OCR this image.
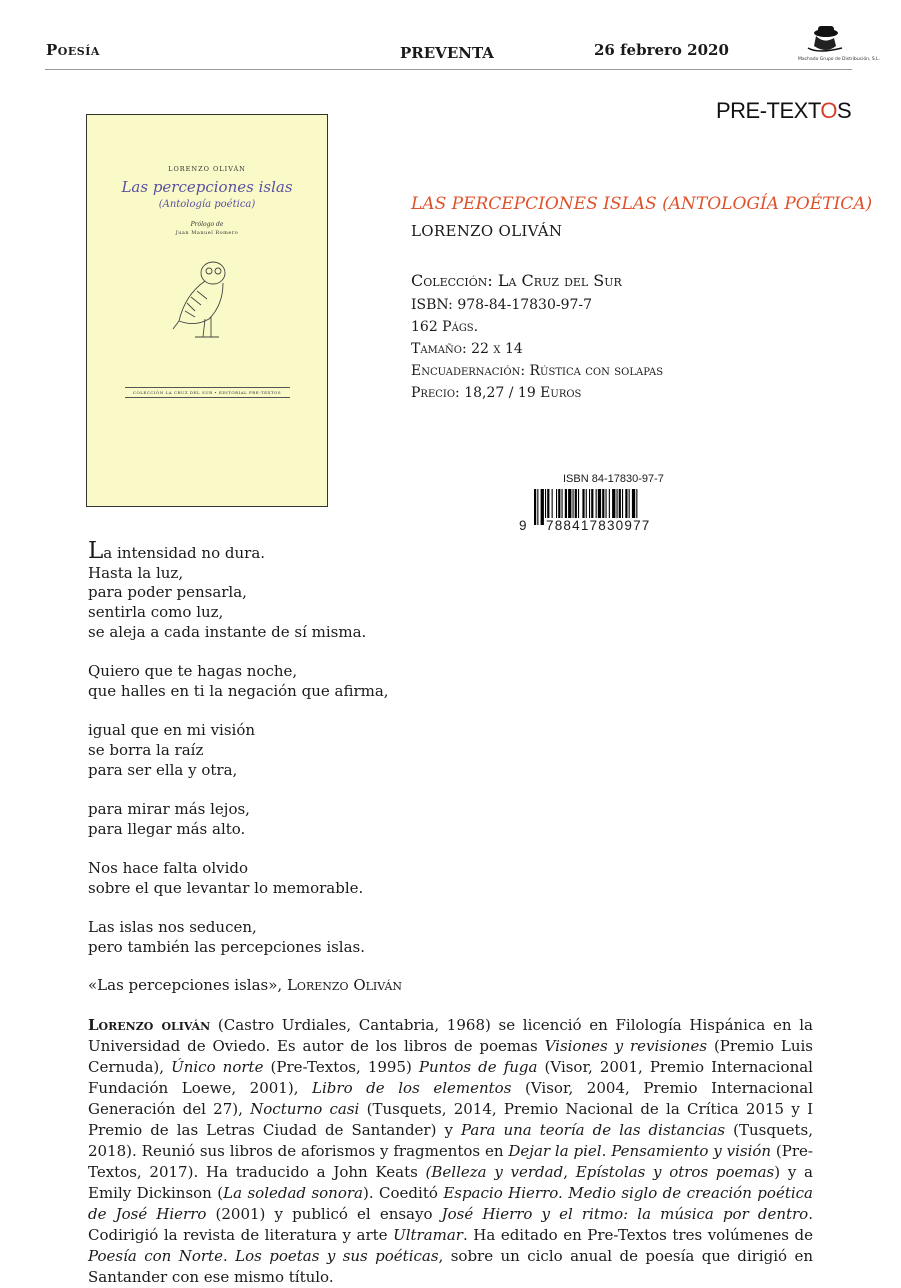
Poesía	PREVENTA	26 febrero 2020
Machado Grupo de Distribución, S.L.
PRE-TEXTOS
LORENZO OLIVÁN
Las percepciones islas
(Antología poética)
Prólogo de
Juan Manuel Romero
COLECCIÓN LA CRUZ DEL SUR • EDITORIAL PRE-TEXTOS
LAS PERCEPCIONES ISLAS (ANTOLOGÍA POÉTICA)
LORENZO OLIVÁN
Colección: La Cruz del Sur
ISBN: 978-84-17830-97-7
162 Págs.
Tamaño: 22 x 14
Encuadernación: Rústica con solapas
Precio: 18,27 / 19 Euros
ISBN 84-17830-97-7
9 788417830977

La intensidad no dura.
Hasta la luz,
para poder pensarla,
sentirla como luz,
se aleja a cada instante de sí misma.

Quiero que te hagas noche,
que halles en ti la negación que afirma,

igual que en mi visión
se borra la raíz
para ser ella y otra,

para mirar más lejos,
para llegar más alto.

Nos hace falta olvido
sobre el que levantar lo memorable.

Las islas nos seducen,
pero también las percepciones islas.

«Las percepciones islas», Lorenzo Oliván
Lorenzo oliván (Castro Urdiales, Cantabria, 1968) se licenció en Filología Hispánica en la Universidad de Oviedo. Es autor de los libros de poemas Visiones y revisiones (Premio Luis Cernuda), Único norte (Pre-Textos, 1995) Puntos de fuga (Visor, 2001, Premio Internacional Fundación Loewe, 2001), Libro de los elementos (Visor, 2004, Premio Internacional Generación del 27), Nocturno casi (Tusquets, 2014, Premio Nacional de la Crítica 2015 y I Premio de las Letras Ciudad de Santander) y Para una teoría de las distancias (Tusquets, 2018). Reunió sus libros de aforismos y fragmentos en Dejar la piel. Pensamiento y visión (Pre-Textos, 2017). Ha traducido a John Keats (Belleza y verdad, Epístolas y otros poemas) y a Emily Dickinson (La soledad sonora). Coeditó Espacio Hierro. Medio siglo de creación poética de José Hierro (2001) y publicó el ensayo José Hierro y el ritmo: la música por dentro. Codirigió la revista de literatura y arte Ultramar. Ha editado en Pre-Textos tres volúmenes de Poesía con Norte. Los poetas y sus poéticas, sobre un ciclo anual de poesía que dirigió en Santander con ese mismo título.
